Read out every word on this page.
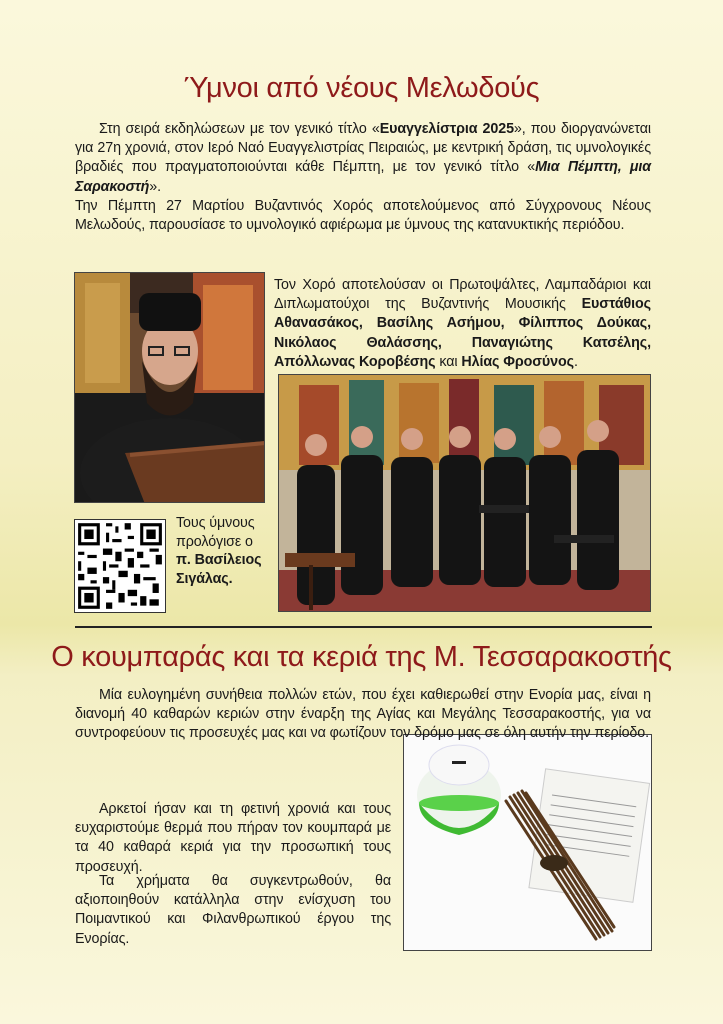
Ύμνοι από νέους Μελωδούς
Στη σειρά εκδηλώσεων με τον γενικό τίτλο «Ευαγγελίστρια 2025», που διοργανώνεται για 27η χρονιά, στον Ιερό Ναό Ευαγγελιστρίας Πειραιώς, με κεντρική δράση, τις υμνολογικές βραδιές που πραγματοποιούνται κάθε Πέμπτη, με τον γενικό τίτλο «Μια Πέμπτη, μια Σαρακοστή».
Την Πέμπτη 27 Μαρτίου Βυζαντινός Χορός αποτελούμενος από Σύγχρονους Νέους Μελωδούς, παρουσίασε το υμνολογικό αφιέρωμα με ύμνους της κατανυκτικής περιόδου.
Τον Χορό αποτελούσαν οι Πρωτοψάλτες, Λαμπαδάριοι και Διπλωματούχοι της Βυζαντινής Μουσικής Ευστάθιος Αθανασάκος, Βασίλης Ασήμου, Φίλιππος Δούκας, Νικόλαος Θαλάσσης, Παναγιώτης Κατσέλης, Απόλλωνας Κοροβέσης και Ηλίας Φροσύνος.
Τους ύμνους προλόγισε ο π. Βασίλειος Σιγάλας.
Ο κουμπαράς και τα κεριά της Μ. Τεσσαρακοστής
Μία ευλογημένη συνήθεια πολλών ετών, που έχει καθιερωθεί στην Ενορία μας, είναι η διανομή 40 καθαρών κεριών στην έναρξη της Αγίας και Μεγάλης Τεσσαρακοστής, για να συντροφεύουν τις προσευχές μας και να φωτίζουν τον δρόμο μας σε όλη αυτήν την περίοδο.
Αρκετοί ήσαν και τη φετινή χρονιά και τους ευχαριστούμε θερμά που πήραν τον κουμπαρά με τα 40 καθαρά κεριά για την προσωπική τους προσευχή.
Τα χρήματα θα συγκεντρωθούν, θα αξιοποιηθούν κατάλληλα στην ενίσχυση του Ποιμαντικού και Φιλανθρωπικού έργου της Ενορίας.
